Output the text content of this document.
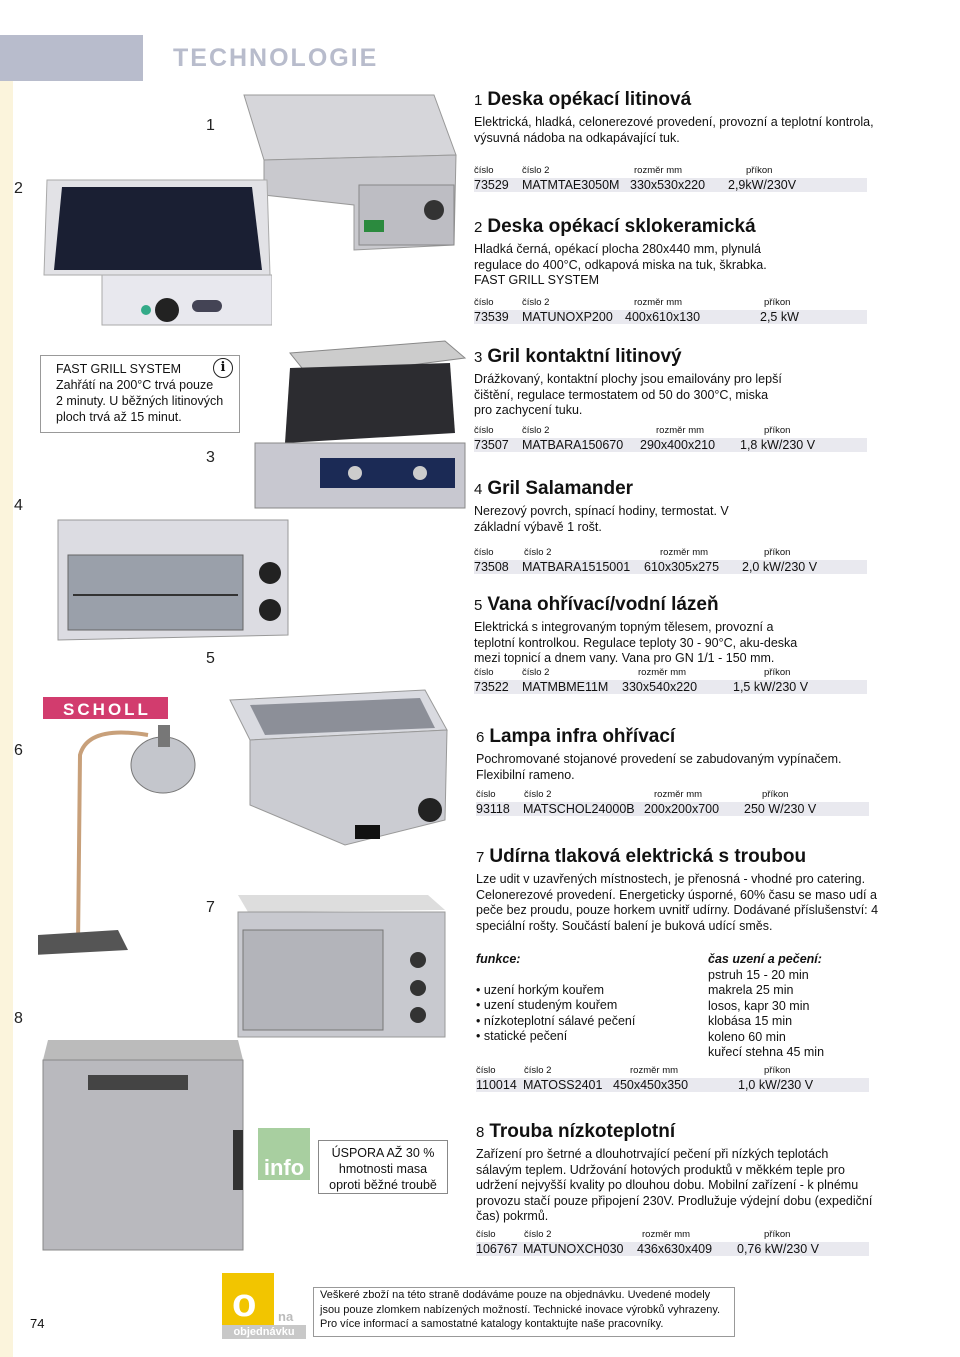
TECHNOLOGIE
2
4
6
8
1
3
5
7
SCHOLL
i
FAST GRILL SYSTEM
Zahřátí na 200°C trvá pouze
2 minuty. U běžných litinových
ploch trvá až 15 minut.
1 Deska opékací litinová
Elektrická, hladká, celonerezové provedení, provozní a teplotní kontrola, výsuvná nádoba na odkapávající tuk.
číslo	číslo 2	rozměr mm	příkon
73529 MATMTAE3050M 330x530x220 2,9kW/230V
2 Deska opékací sklokeramická
Hladká černá, opékací plocha 280x440 mm, plynulá regulace do 400°C, odkapová miska na tuk, škrabka. FAST GRILL SYSTEM
číslo	číslo 2	rozměr mm	příkon
73539 MATUNOXP200 400x610x130	2,5 kW
3 Gril kontaktní litinový
Drážkovaný, kontaktní plochy jsou emailovány pro lepší čištění, regulace termostatem od 50 do 300°C, miska pro zachycení tuku.
číslo	číslo 2	rozměr mm	příkon
73507 MATBARA150670 290x400x210 1,8 kW/230 V
4 Gril Salamander
Nerezový povrch, spínací hodiny, termostat. V základní výbavě 1 rošt.
číslo	číslo 2	rozměr mm	příkon
73508 MATBARA1515001 610x305x275 2,0 kW/230 V
5 Vana ohřívací/vodní lázeň
Elektrická s integrovaným topným tělesem, provozní a teplotní kontrolkou. Regulace teploty 30 - 90°C, aku-deska mezi topnicí a dnem vany. Vana pro GN 1/1 - 150 mm.
číslo	číslo 2	rozměr mm	příkon
73522 MATMBME11M 330x540x220	1,5 kW/230 V
6 Lampa infra ohřívací
Pochromované stojanové provedení se zabudovaným vypínačem. Flexibilní rameno.
číslo	číslo 2	rozměr mm	příkon
93118 MATSCHOL24000B 200x200x700 250 W/230 V
7 Udírna tlaková elektrická s troubou
Lze udit v uzavřených místnostech, je přenosná - vhodné pro catering. Celonerezové provedení. Energeticky úsporné, 60% času se maso udí a peče bez proudu, pouze horkem uvnitř udírny. Dodávané příslušenství: 4 speciální rošty. Součástí balení je buková udící směs.
funkce:
• uzení horkým kouřem
• uzení studeným kouřem
• nízkoteplotní sálavé pečení
• statické pečení
čas uzení a pečení:
pstruh 15 - 20 min
makrela 25 min
losos, kapr 30 min
klobása 15 min
koleno 60 min
kuřecí stehna 45 min
číslo	číslo 2	rozměr mm	příkon
110014 MATOSS2401 450x450x350	1,0 kW/230 V
8 Trouba nízkoteplotní
Zařízení pro šetrné a dlouhotrvající pečení při nízkých teplotách sálavým teplem. Udržování hotových produktů v měkkém teple pro udržení nejvyšší kvality po dlouhou dobu. Mobilní zařízení - k plnému provozu stačí pouze připojení 230V. Prodlužuje výdejní dobu (expediční čas) pokrmů.
číslo	číslo 2	rozměr mm	příkon
106767 MATUNOXCH030 436x630x409 0,76 kW/230 V
info
ÚSPORA AŽ 30 %
hmotnosti masa
oproti běžné troubě
o na
objednávku
Veškeré zboží na této straně dodáváme pouze na objednávku. Uvedené modely
jsou pouze zlomkem nabízených možností. Technické inovace výrobků vyhrazeny.
Pro více informací a samostatné katalogy kontaktujte naše pracovníky.
74
